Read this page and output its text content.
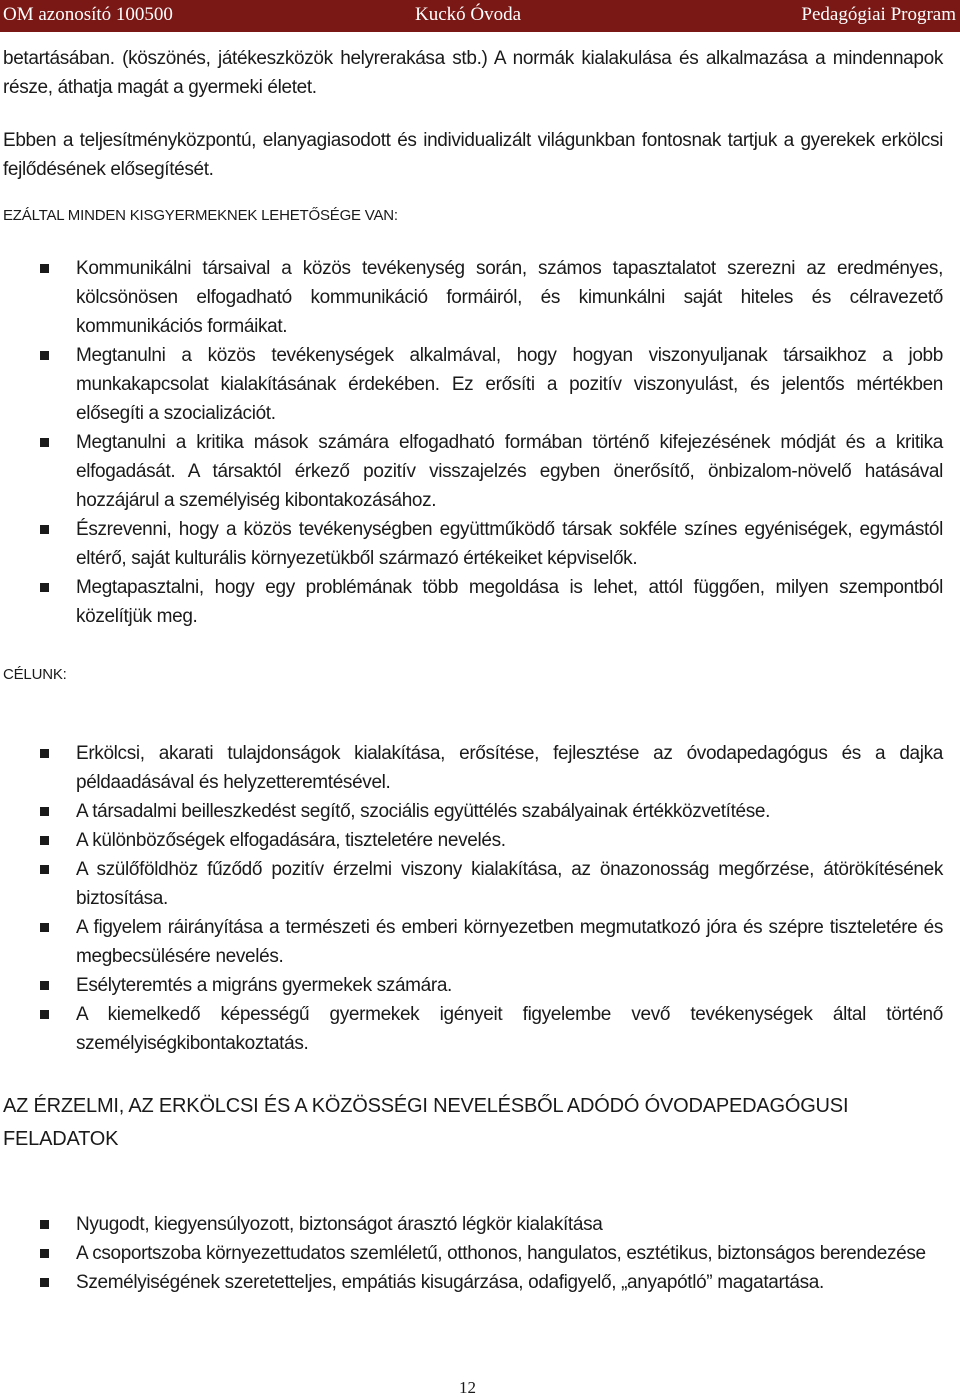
OM azonosító 100500	Kuckó Óvoda	Pedagógiai Program

betartásában. (köszönés, játékeszközök helyrerakása stb.) A normák kialakulása és alkalmazása a mindennapok része, áthatja magát a gyermeki életet.

Ebben a teljesítményközpontú, elanyagiasodott és individualizált világunkban fontosnak tartjuk a gyerekek erkölcsi fejlődésének elősegítését.

EZÁLTAL MINDEN KISGYERMEKNEK LEHETŐSÉGE VAN:
Kommunikálni társaival a közös tevékenység során, számos tapasztalatot szerezni az eredményes, kölcsönösen elfogadható kommunikáció formáiról, és kimunkálni saját hiteles és célravezető kommunikációs formáikat.
Megtanulni a közös tevékenységek alkalmával, hogy hogyan viszonyuljanak társaikhoz a jobb munkakapcsolat kialakításának érdekében. Ez erősíti a pozitív viszonyulást, és jelentős mértékben elősegíti a szocializációt.
Megtanulni a kritika mások számára elfogadható formában történő kifejezésének módját és a kritika elfogadását. A társaktól érkező pozitív visszajelzés egyben önerősítő, önbizalom-növelő hatásával hozzájárul a személyiség kibontakozásához.
Észrevenni, hogy a közös tevékenységben együttműködő társak sokféle színes egyéniségek, egymástól eltérő, saját kulturális környezetükből származó értékeiket képviselők.
Megtapasztalni, hogy egy problémának több megoldása is lehet, attól függően, milyen szempontból közelítjük meg.
CÉLUNK:
Erkölcsi, akarati tulajdonságok kialakítása, erősítése, fejlesztése az óvodapedagógus és a dajka példaadásával és helyzetteremtésével.
A társadalmi beilleszkedést segítő, szociális együttélés szabályainak értékközvetítése.
A különbözőségek elfogadására, tiszteletére nevelés.
A szülőföldhöz fűződő pozitív érzelmi viszony kialakítása, az önazonosság megőrzése, átörökítésének biztosítása.
A figyelem ráirányítása a természeti és emberi környezetben megmutatkozó jóra és szépre tiszteletére és megbecsülésére nevelés.
Esélyteremtés a migráns gyermekek számára.
A kiemelkedő képességű gyermekek igényeit figyelembe vevő tevékenységek által történő személyiségkibontakoztatás.
AZ ÉRZELMI, AZ ERKÖLCSI ÉS A KÖZÖSSÉGI NEVELÉSBŐL ADÓDÓ ÓVODAPEDAGÓGUSI FELADATOK
Nyugodt, kiegyensúlyozott, biztonságot árasztó légkör kialakítása
A csoportszoba környezettudatos szemléletű, otthonos, hangulatos, esztétikus, biztonságos berendezése
Személyiségének szeretetteljes, empátiás kisugárzása, odafigyelő, „anyapótló” magatartása.
12
